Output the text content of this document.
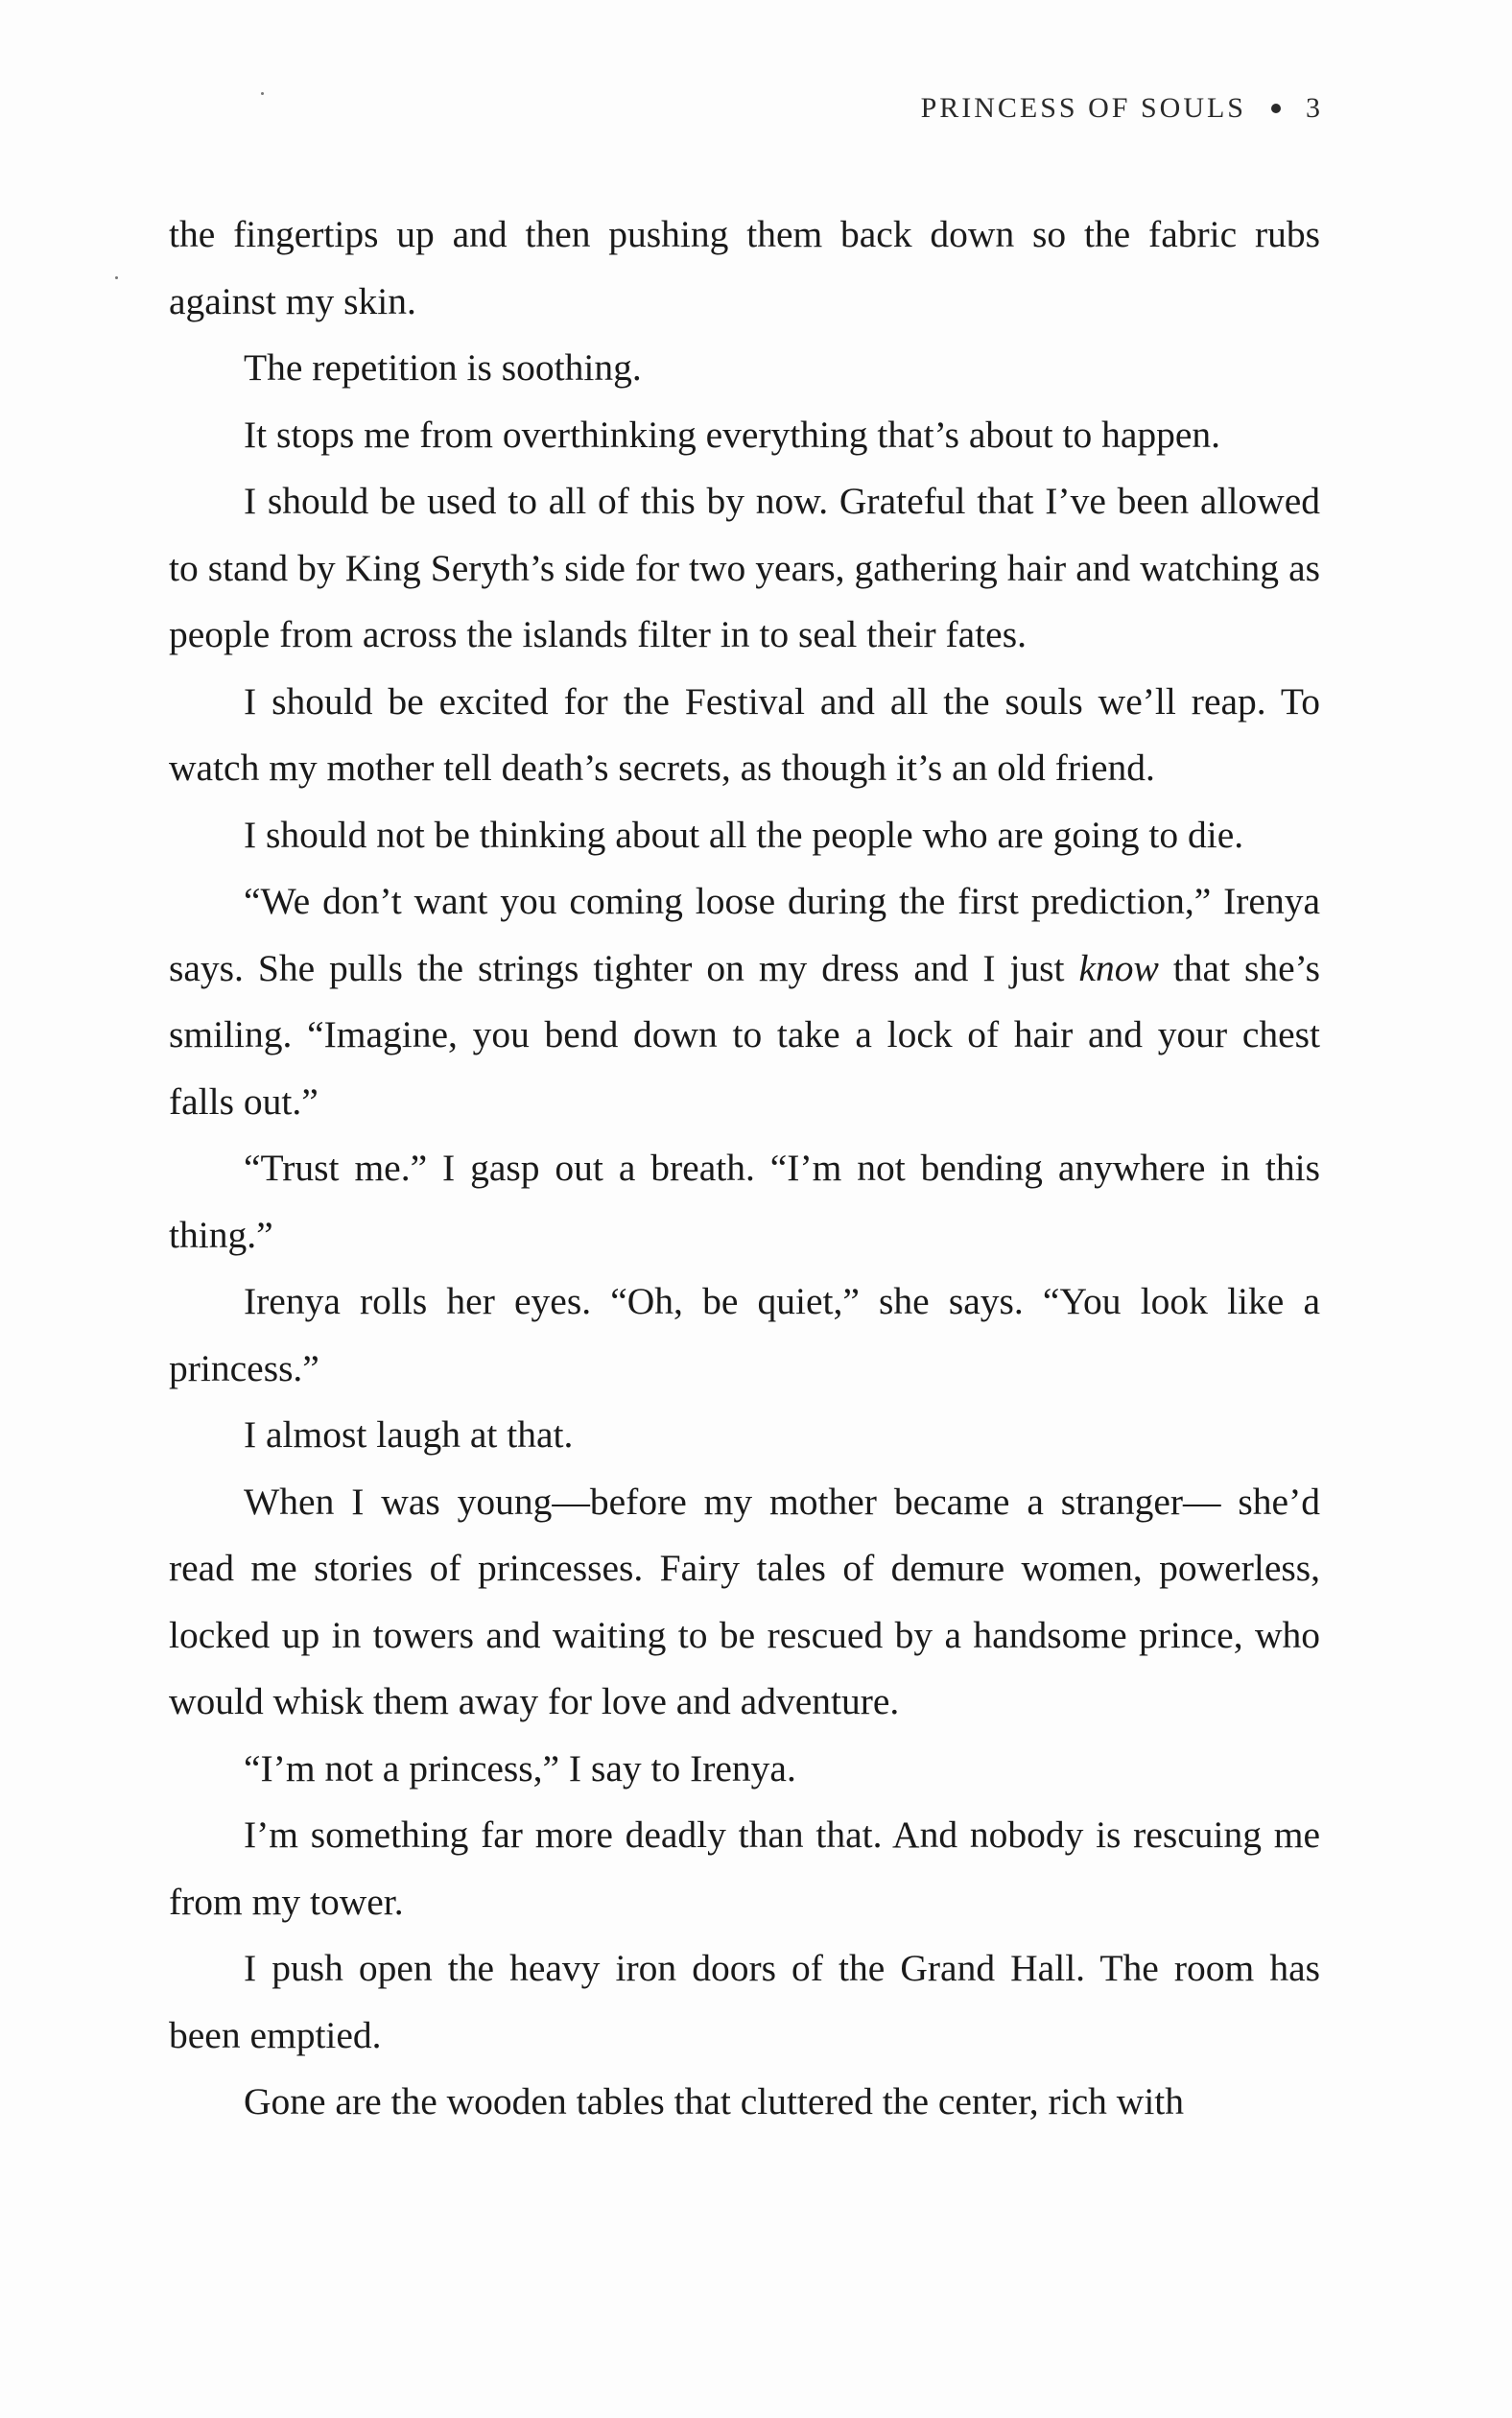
PRINCESS OF SOULS 3

the fingertips up and then pushing them back down so the fabric rubs against my skin.

The repetition is soothing.

It stops me from overthinking everything that’s about to happen.

I should be used to all of this by now. Grateful that I’ve been allowed to stand by King Seryth’s side for two years, gathering hair and watching as people from across the islands filter in to seal their fates.

I should be excited for the Festival and all the souls we’ll reap. To watch my mother tell death’s secrets, as though it’s an old friend.

I should not be thinking about all the people who are going to die.

“We don’t want you coming loose during the first prediction,” Irenya says. She pulls the strings tighter on my dress and I just know that she’s smiling. “Imagine, you bend down to take a lock of hair and your chest falls out.”

“Trust me.” I gasp out a breath. “I’m not bending anywhere in this thing.”

Irenya rolls her eyes. “Oh, be quiet,” she says. “You look like a princess.”

I almost laugh at that.

When I was young—before my mother became a stranger— she’d read me stories of princesses. Fairy tales of demure women, powerless, locked up in towers and waiting to be rescued by a handsome prince, who would whisk them away for love and adventure.

“I’m not a princess,” I say to Irenya.

I’m something far more deadly than that. And nobody is rescuing me from my tower.

I push open the heavy iron doors of the Grand Hall. The room has been emptied.

Gone are the wooden tables that cluttered the center, rich with
